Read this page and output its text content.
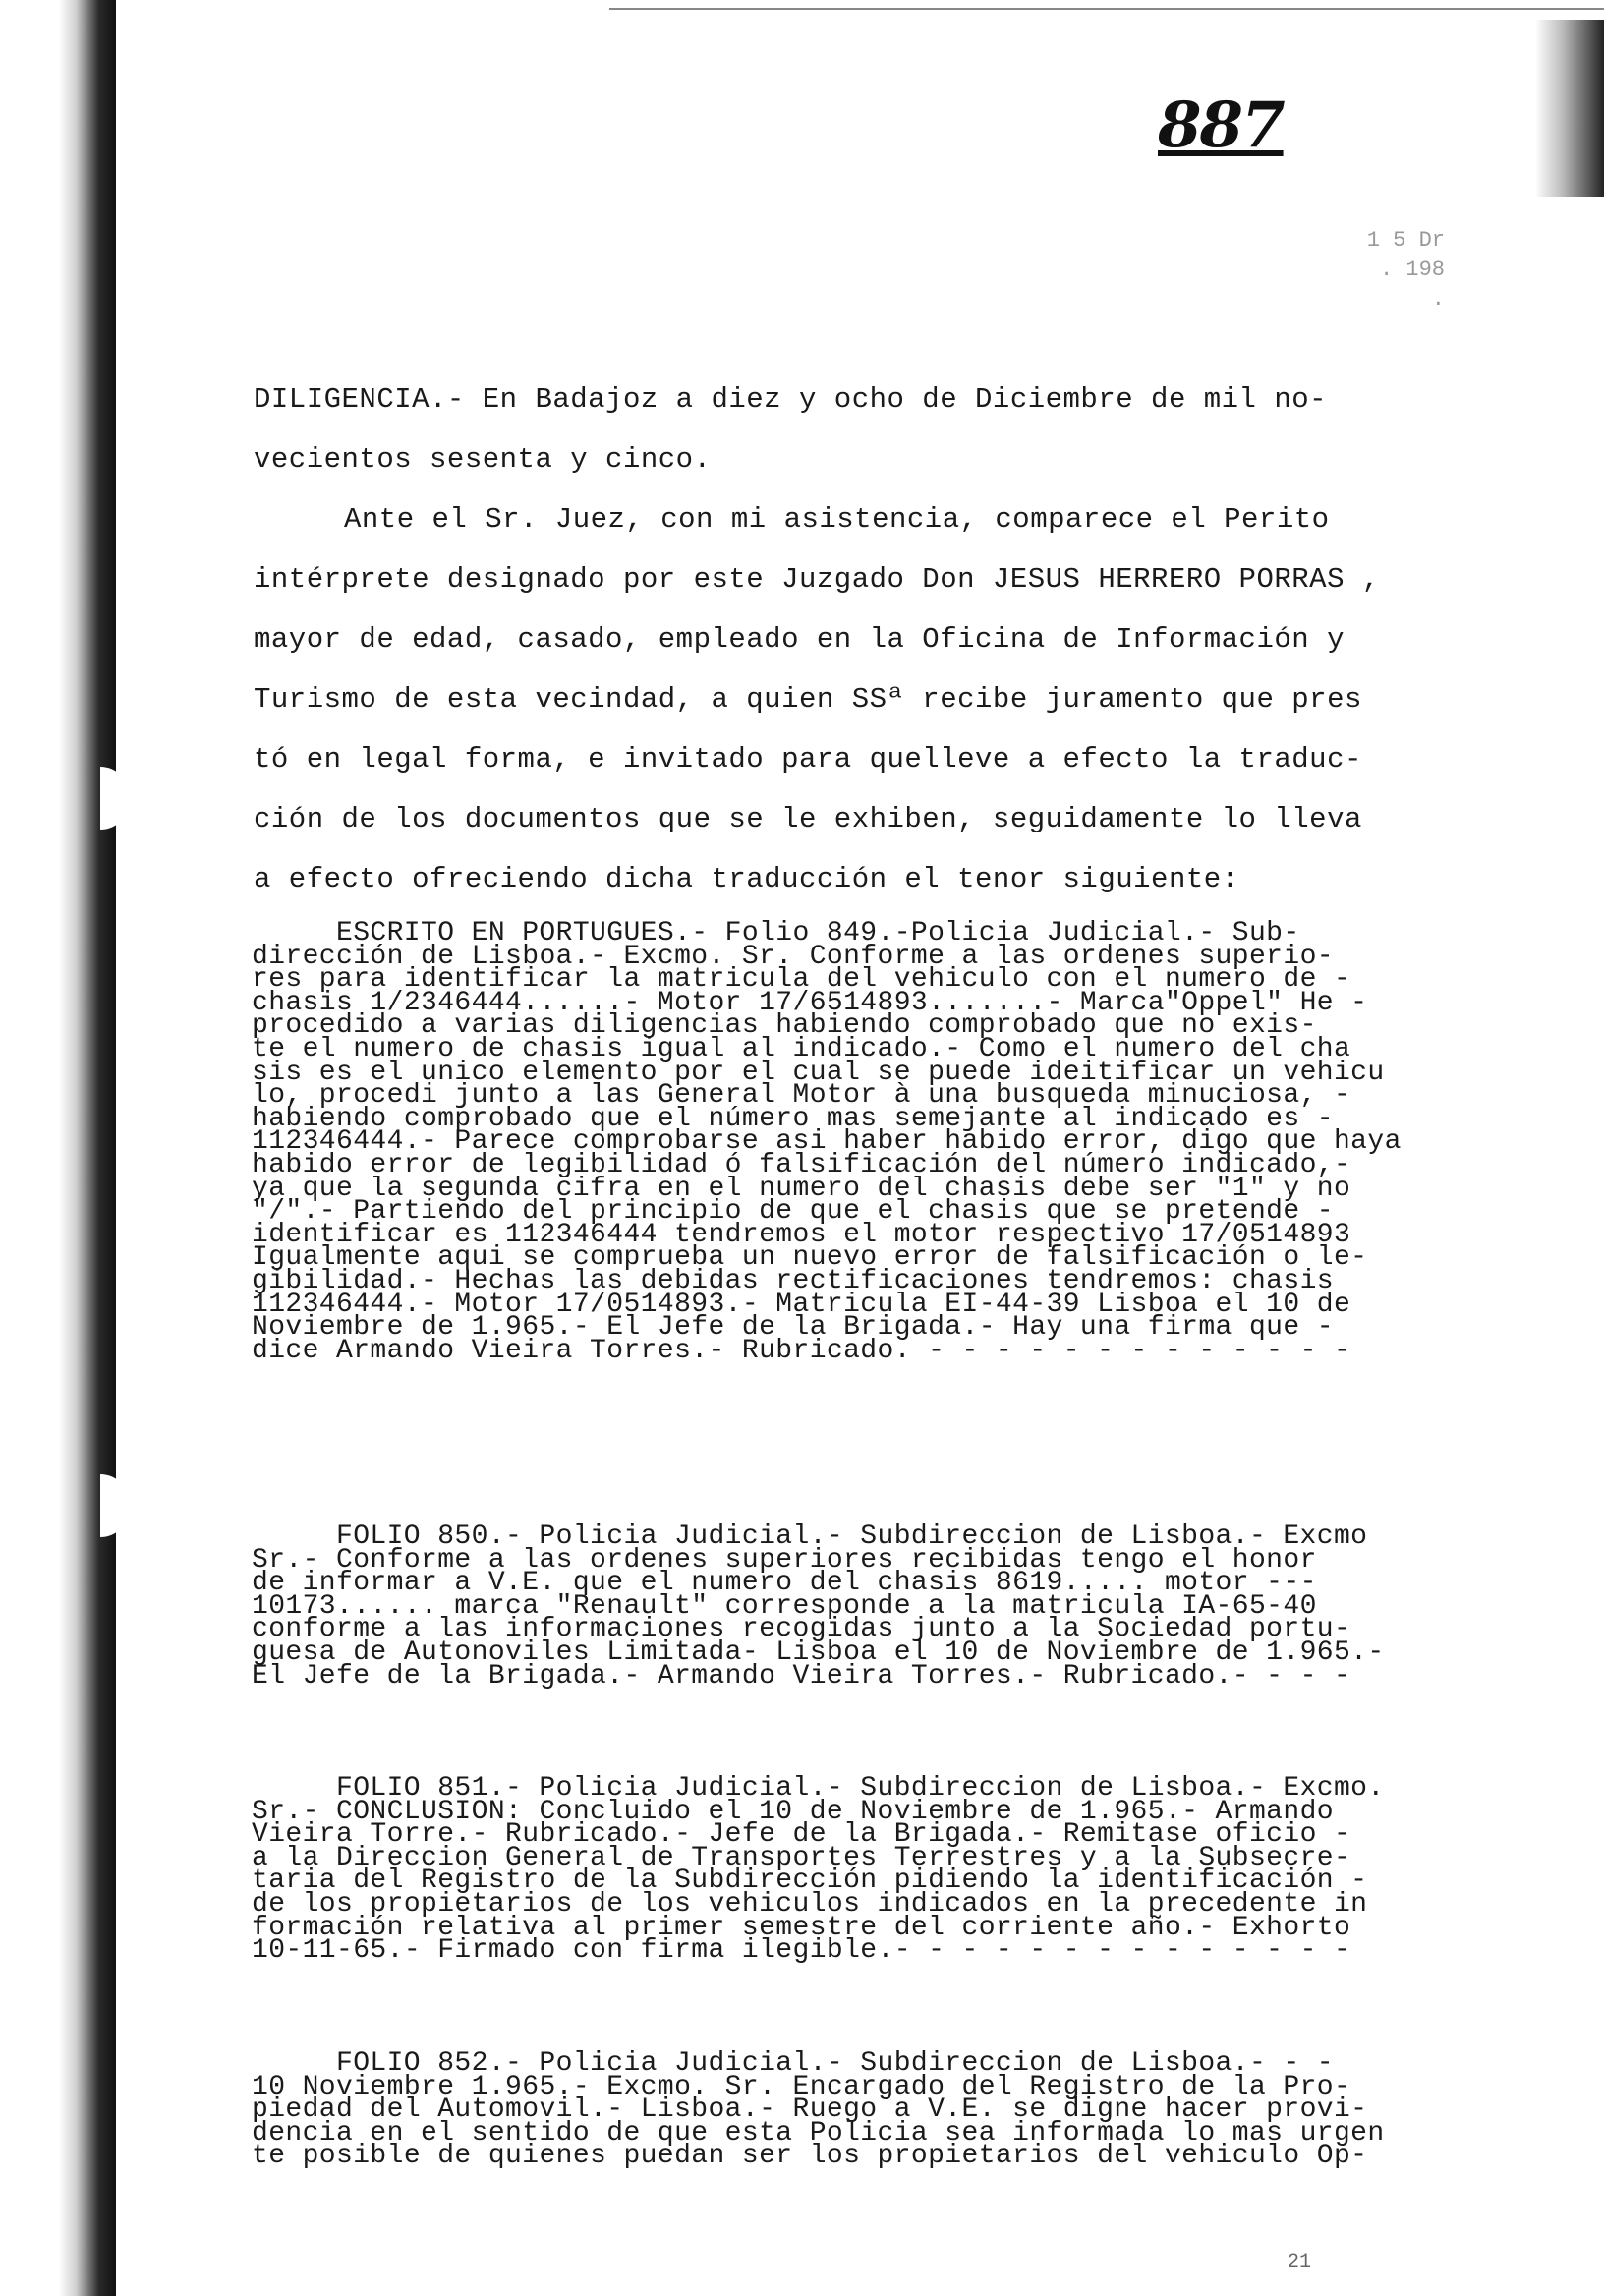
887
1 5 Dr
. 198
.

DILIGENCIA.- En Badajoz a diez y ocho de Diciembre de mil no-

vecientos sesenta y cinco.

Ante el Sr. Juez, con mi asistencia, comparece el Perito

intérprete designado por este Juzgado Don JESUS HERRERO PORRAS ,

mayor de edad, casado, empleado en la Oficina de Información y

Turismo de esta vecindad, a quien SSª recibe juramento que pres

tó en legal forma, e invitado para quelleve a efecto la traduc-

ción de los documentos que se le exhiben, seguidamente lo lleva

a efecto ofreciendo dicha traducción el tenor siguiente:

ESCRITO EN PORTUGUES.- Folio 849.-Policia Judicial.- Sub-

dirección de Lisboa.- Excmo. Sr. Conforme a las ordenes superio-

res para identificar la matricula del vehiculo con el numero de -

chasis 1/2346444......- Motor 17/6514893.......- Marca"Oppel" He -

procedido a varias diligencias habiendo comprobado que no exis-

te el numero de chasis igual al indicado.- Como el numero del cha

sis es el unico elemento por el cual se puede ideitificar un vehicu

lo, procedi junto a las General Motor à una busqueda minuciosa, -

habiendo comprobado que el número mas semejante al indicado es -

112346444.- Parece comprobarse asi haber habido error, digo que haya

habido error de legibilidad ó falsificación del número indicado,-

ya que la segunda cifra en el numero del chasis debe ser "1" y no

"/".- Partiendo del principio de que el chasis que se pretende -

identificar es 112346444 tendremos el motor respectivo 17/0514893

Igualmente aqui se comprueba un nuevo error de falsificación o le-

gibilidad.- Hechas las debidas rectificaciones tendremos: chasis

112346444.- Motor 17/0514893.- Matricula EI-44-39 Lisboa el 10 de

Noviembre de 1.965.- El Jefe de la Brigada.- Hay una firma que -

dice Armando Vieira Torres.- Rubricado. - - - - - - - - - - - - -

FOLIO 850.- Policia Judicial.- Subdireccion de Lisboa.- Excmo

Sr.- Conforme a las ordenes superiores recibidas tengo el honor

de informar a V.E. que el numero del chasis 8619..... motor ---

10173...... marca "Renault" corresponde a la matricula IA-65-40

conforme a las informaciones recogidas junto a la Sociedad portu-

guesa de Autonoviles Limitada- Lisboa el 10 de Noviembre de 1.965.-

El Jefe de la Brigada.- Armando Vieira Torres.- Rubricado.- - - -

FOLIO 851.- Policia Judicial.- Subdireccion de Lisboa.- Excmo.

Sr.- CONCLUSION: Concluido el 10 de Noviembre de 1.965.- Armando

Vieira Torre.- Rubricado.- Jefe de la Brigada.- Remitase oficio -

a la Direccion General de Transportes Terrestres y a la Subsecre-

taria del Registro de la Subdirección pidiendo la identificación -

de los propietarios de los vehiculos indicados en la precedente in

formación relativa al primer semestre del corriente año.- Exhorto

10-11-65.- Firmado con firma ilegible.- - - - - - - - - - - - - -

FOLIO 852.- Policia Judicial.- Subdireccion de Lisboa.- - -

10 Noviembre 1.965.- Excmo. Sr. Encargado del Registro de la Pro-

piedad del Automovil.- Lisboa.- Ruego a V.E. se digne hacer provi-

dencia en el sentido de que esta Policia sea informada lo mas urgen

te posible de quienes puedan ser los propietarios del vehiculo Op-

21
